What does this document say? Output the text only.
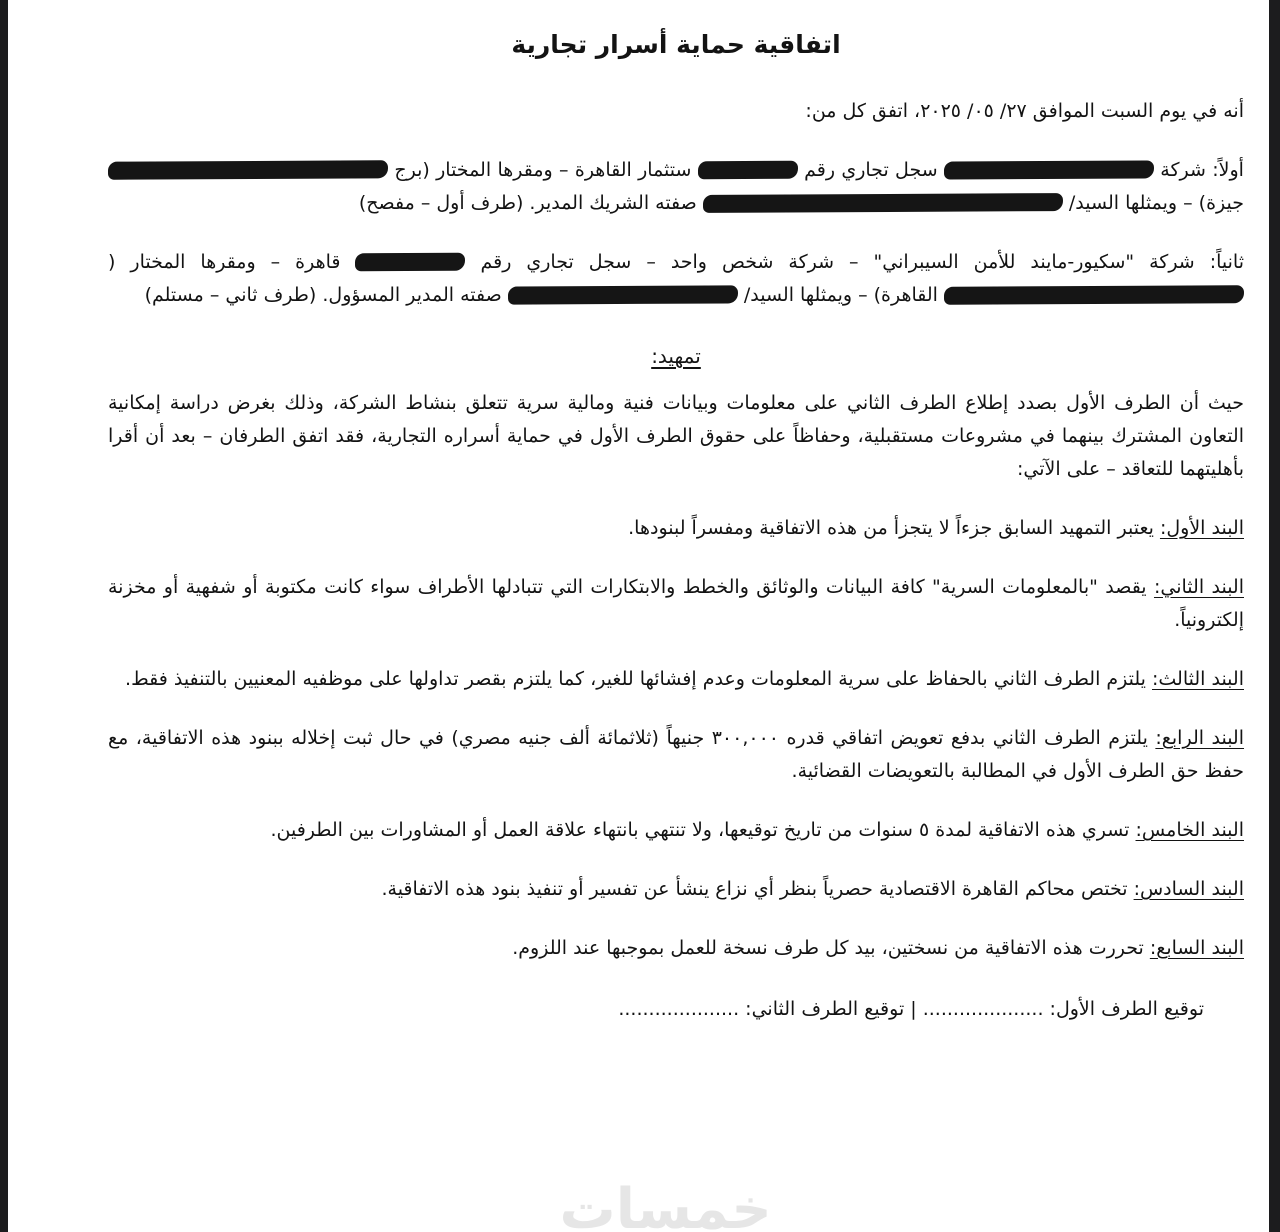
اتفاقية حماية أسرار تجارية

أنه في يوم السبت الموافق ٢٧/ ٠٥/ ٢٠٢٥، اتفق كل من:

أولاً: شركة  سجل تجاري رقم  ستثمار القاهرة – ومقرها المختار (برج  جيزة) – ويمثلها السيد/  صفته الشريك المدير. (طرف أول – مفصح)

ثانياً: شركة "سكيور-مايند للأمن السيبراني" – شركة شخص واحد – سجل تجاري رقم  قاهرة – ومقرها المختار (  القاهرة) – ويمثلها السيد/  صفته المدير المسؤول. (طرف ثاني – مستلم)

تمهيد:

حيث أن الطرف الأول بصدد إطلاع الطرف الثاني على معلومات وبيانات فنية ومالية سرية تتعلق بنشاط الشركة، وذلك بغرض دراسة إمكانية التعاون المشترك بينهما في مشروعات مستقبلية، وحفاظاً على حقوق الطرف الأول في حماية أسراره التجارية، فقد اتفق الطرفان – بعد أن أقرا بأهليتهما للتعاقد – على الآتي:

البند الأول: يعتبر التمهيد السابق جزءاً لا يتجزأ من هذه الاتفاقية ومفسراً لبنودها.

البند الثاني: يقصد "بالمعلومات السرية" كافة البيانات والوثائق والخطط والابتكارات التي تتبادلها الأطراف سواء كانت مكتوبة أو شفهية أو مخزنة إلكترونياً.

البند الثالث: يلتزم الطرف الثاني بالحفاظ على سرية المعلومات وعدم إفشائها للغير، كما يلتزم بقصر تداولها على موظفيه المعنيين بالتنفيذ فقط.

البند الرابع: يلتزم الطرف الثاني بدفع تعويض اتفاقي قدره ٣٠٠,٠٠٠ جنيهاً (ثلاثمائة ألف جنيه مصري) في حال ثبت إخلاله ببنود هذه الاتفاقية، مع حفظ حق الطرف الأول في المطالبة بالتعويضات القضائية.

البند الخامس: تسري هذه الاتفاقية لمدة ٥ سنوات من تاريخ توقيعها، ولا تنتهي بانتهاء علاقة العمل أو المشاورات بين الطرفين.

البند السادس: تختص محاكم القاهرة الاقتصادية حصرياً بنظر أي نزاع ينشأ عن تفسير أو تنفيذ بنود هذه الاتفاقية.

البند السابع: تحررت هذه الاتفاقية من نسختين، بيد كل طرف نسخة للعمل بموجبها عند اللزوم.

توقيع الطرف الأول: .................... | توقيع الطرف الثاني: ....................

خمسات
